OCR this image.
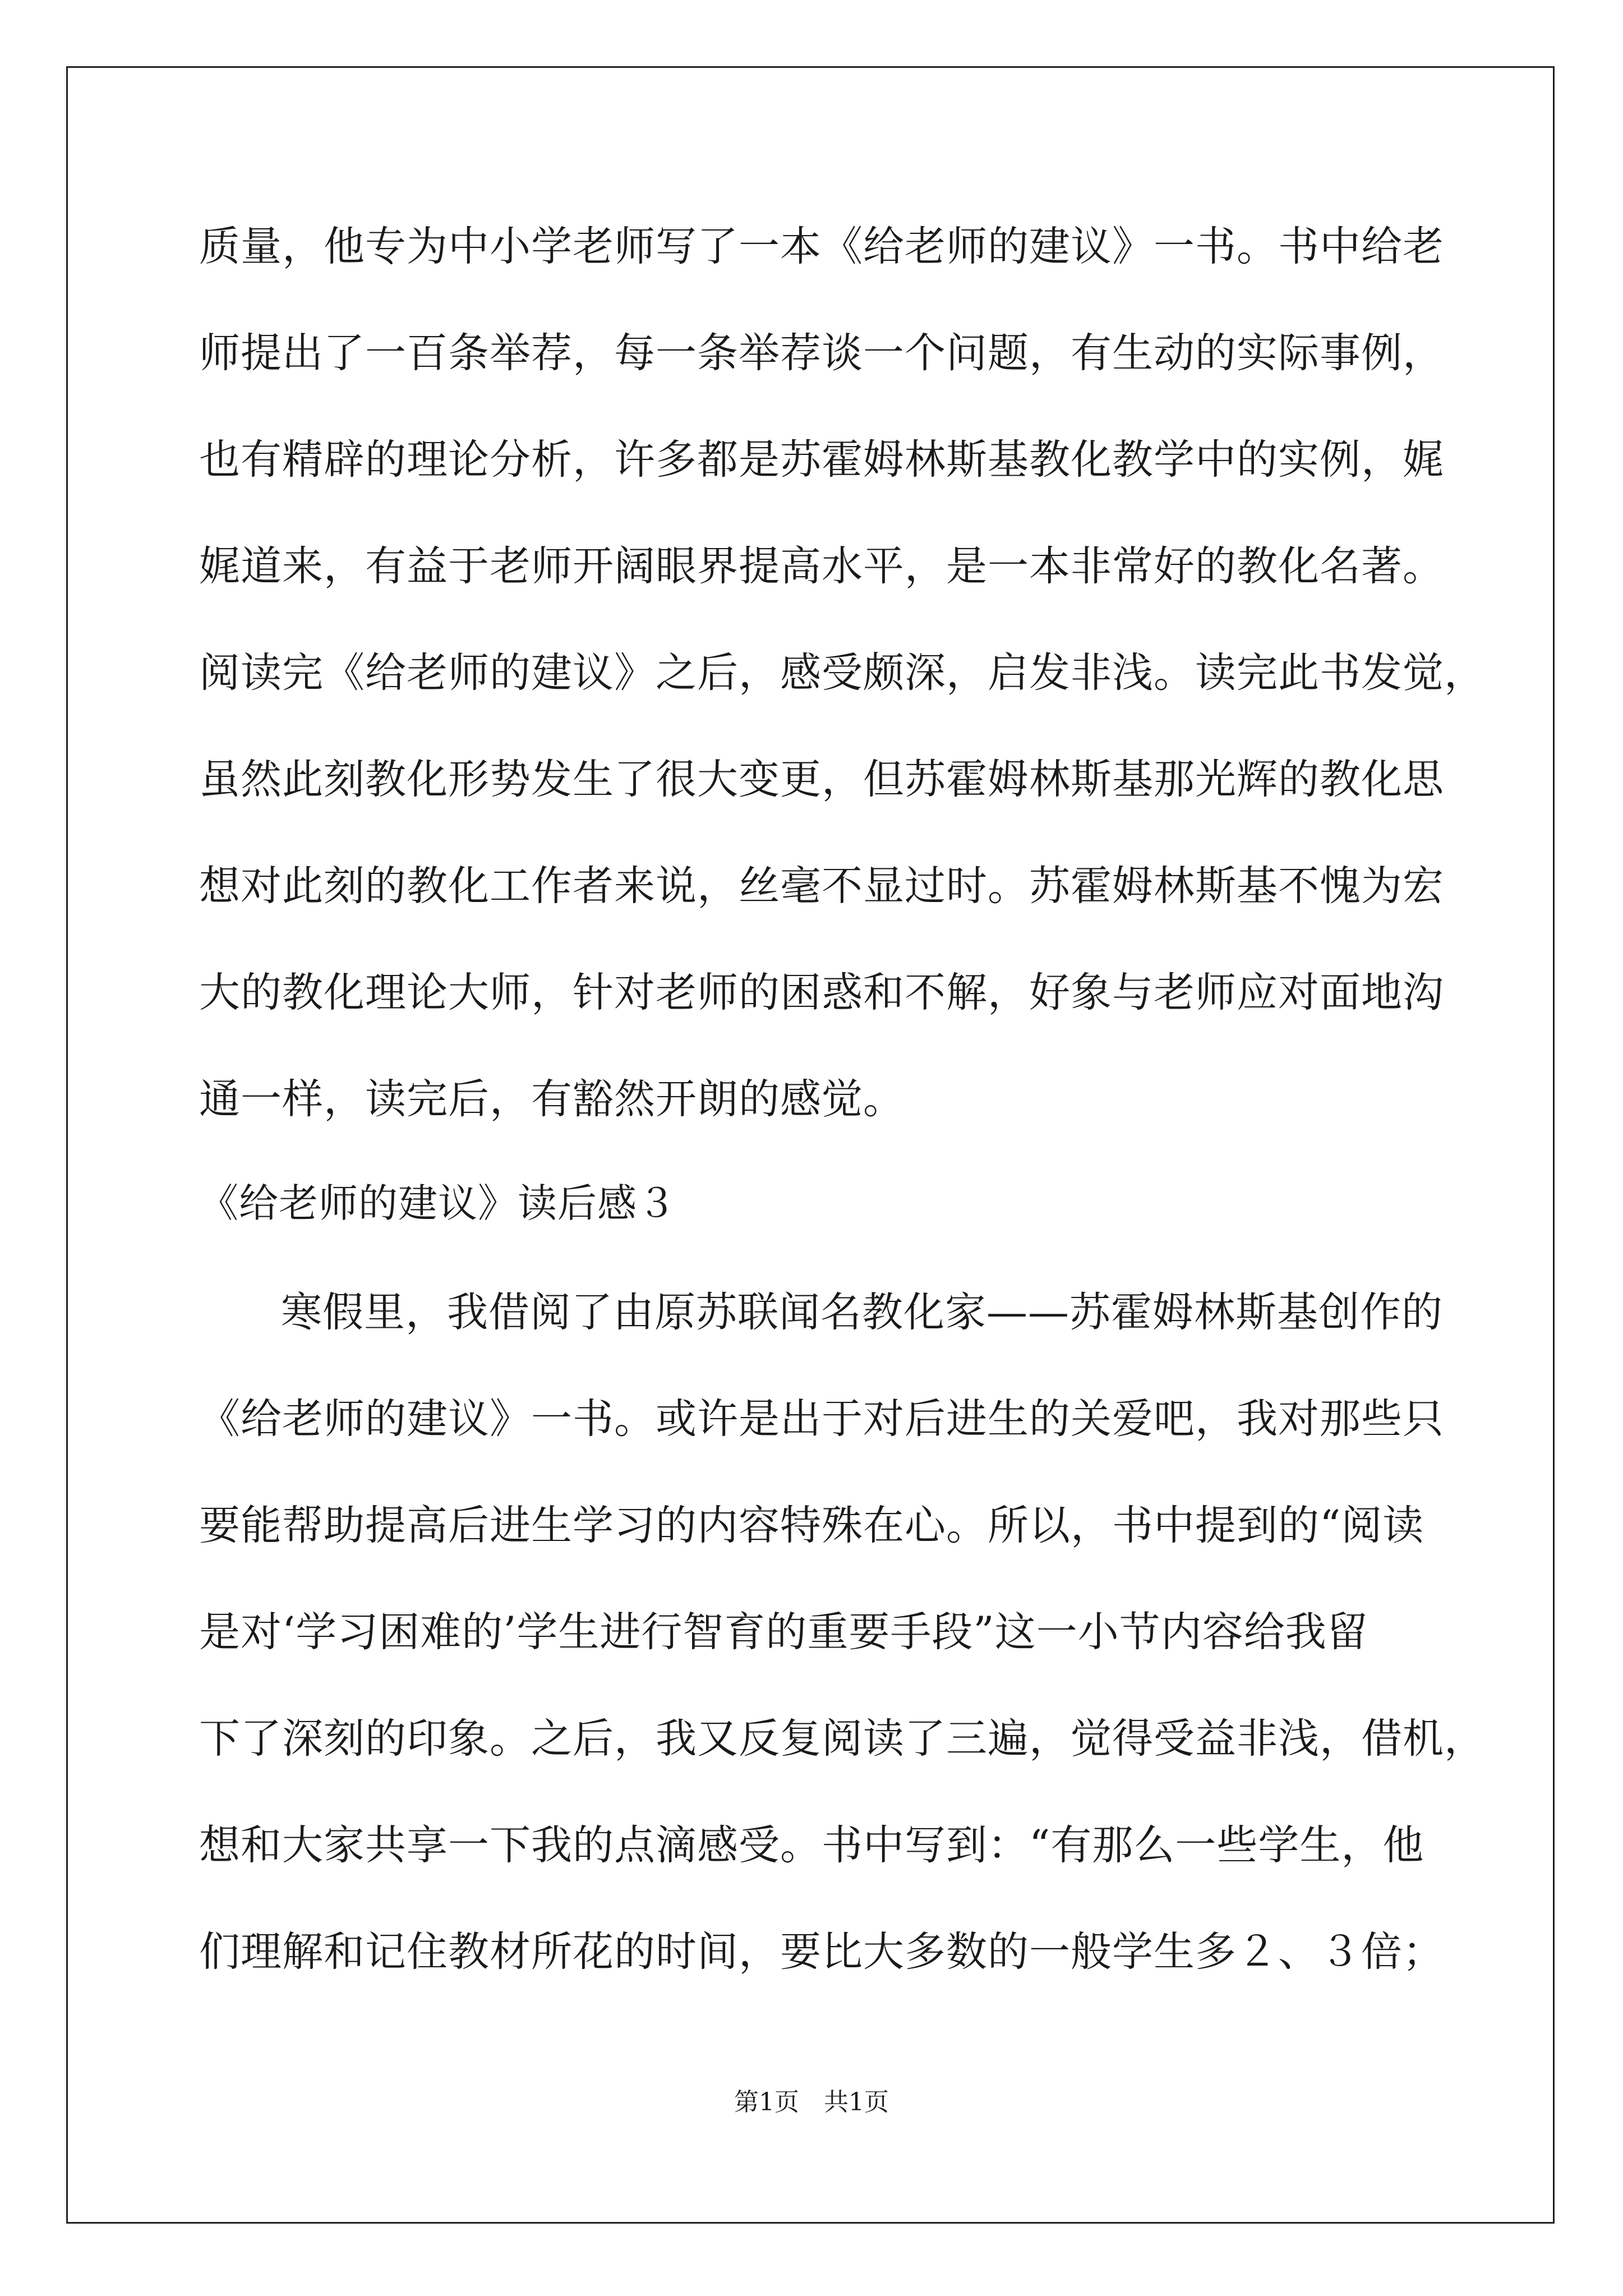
质量，他专为中小学老师写了一本《给老师的建议》一书。书中给老
师提出了一百条举荐，每一条举荐谈一个问题，有生动的实际事例，
也有精辟的理论分析，许多都是苏霍姆林斯基教化教学中的实例，娓
娓道来，有益于老师开阔眼界提高水平，是一本非常好的教化名著。
阅读完《给老师的建议》之后，感受颇深，启发非浅。读完此书发觉，
虽然此刻教化形势发生了很大变更，但苏霍姆林斯基那光辉的教化思
想对此刻的教化工作者来说，丝毫不显过时。苏霍姆林斯基不愧为宏
大的教化理论大师，针对老师的困惑和不解，好象与老师应对面地沟
通一样，读完后，有豁然开朗的感觉。
《给老师的建议》读后感３
寒假里，我借阅了由原苏联闻名教化家——苏霍姆林斯基创作的
《给老师的建议》一书。或许是出于对后进生的关爱吧，我对那些只
要能帮助提高后进生学习的内容特殊在心。所以，书中提到的“阅读
是对‘学习困难的’学生进行智育的重要手段”这一小节内容给我留
下了深刻的印象。之后，我又反复阅读了三遍，觉得受益非浅，借机，
想和大家共享一下我的点滴感受。书中写到：“有那么一些学生，他
们理解和记住教材所花的时间，要比大多数的一般学生多２、３倍；
第1页　共1页
